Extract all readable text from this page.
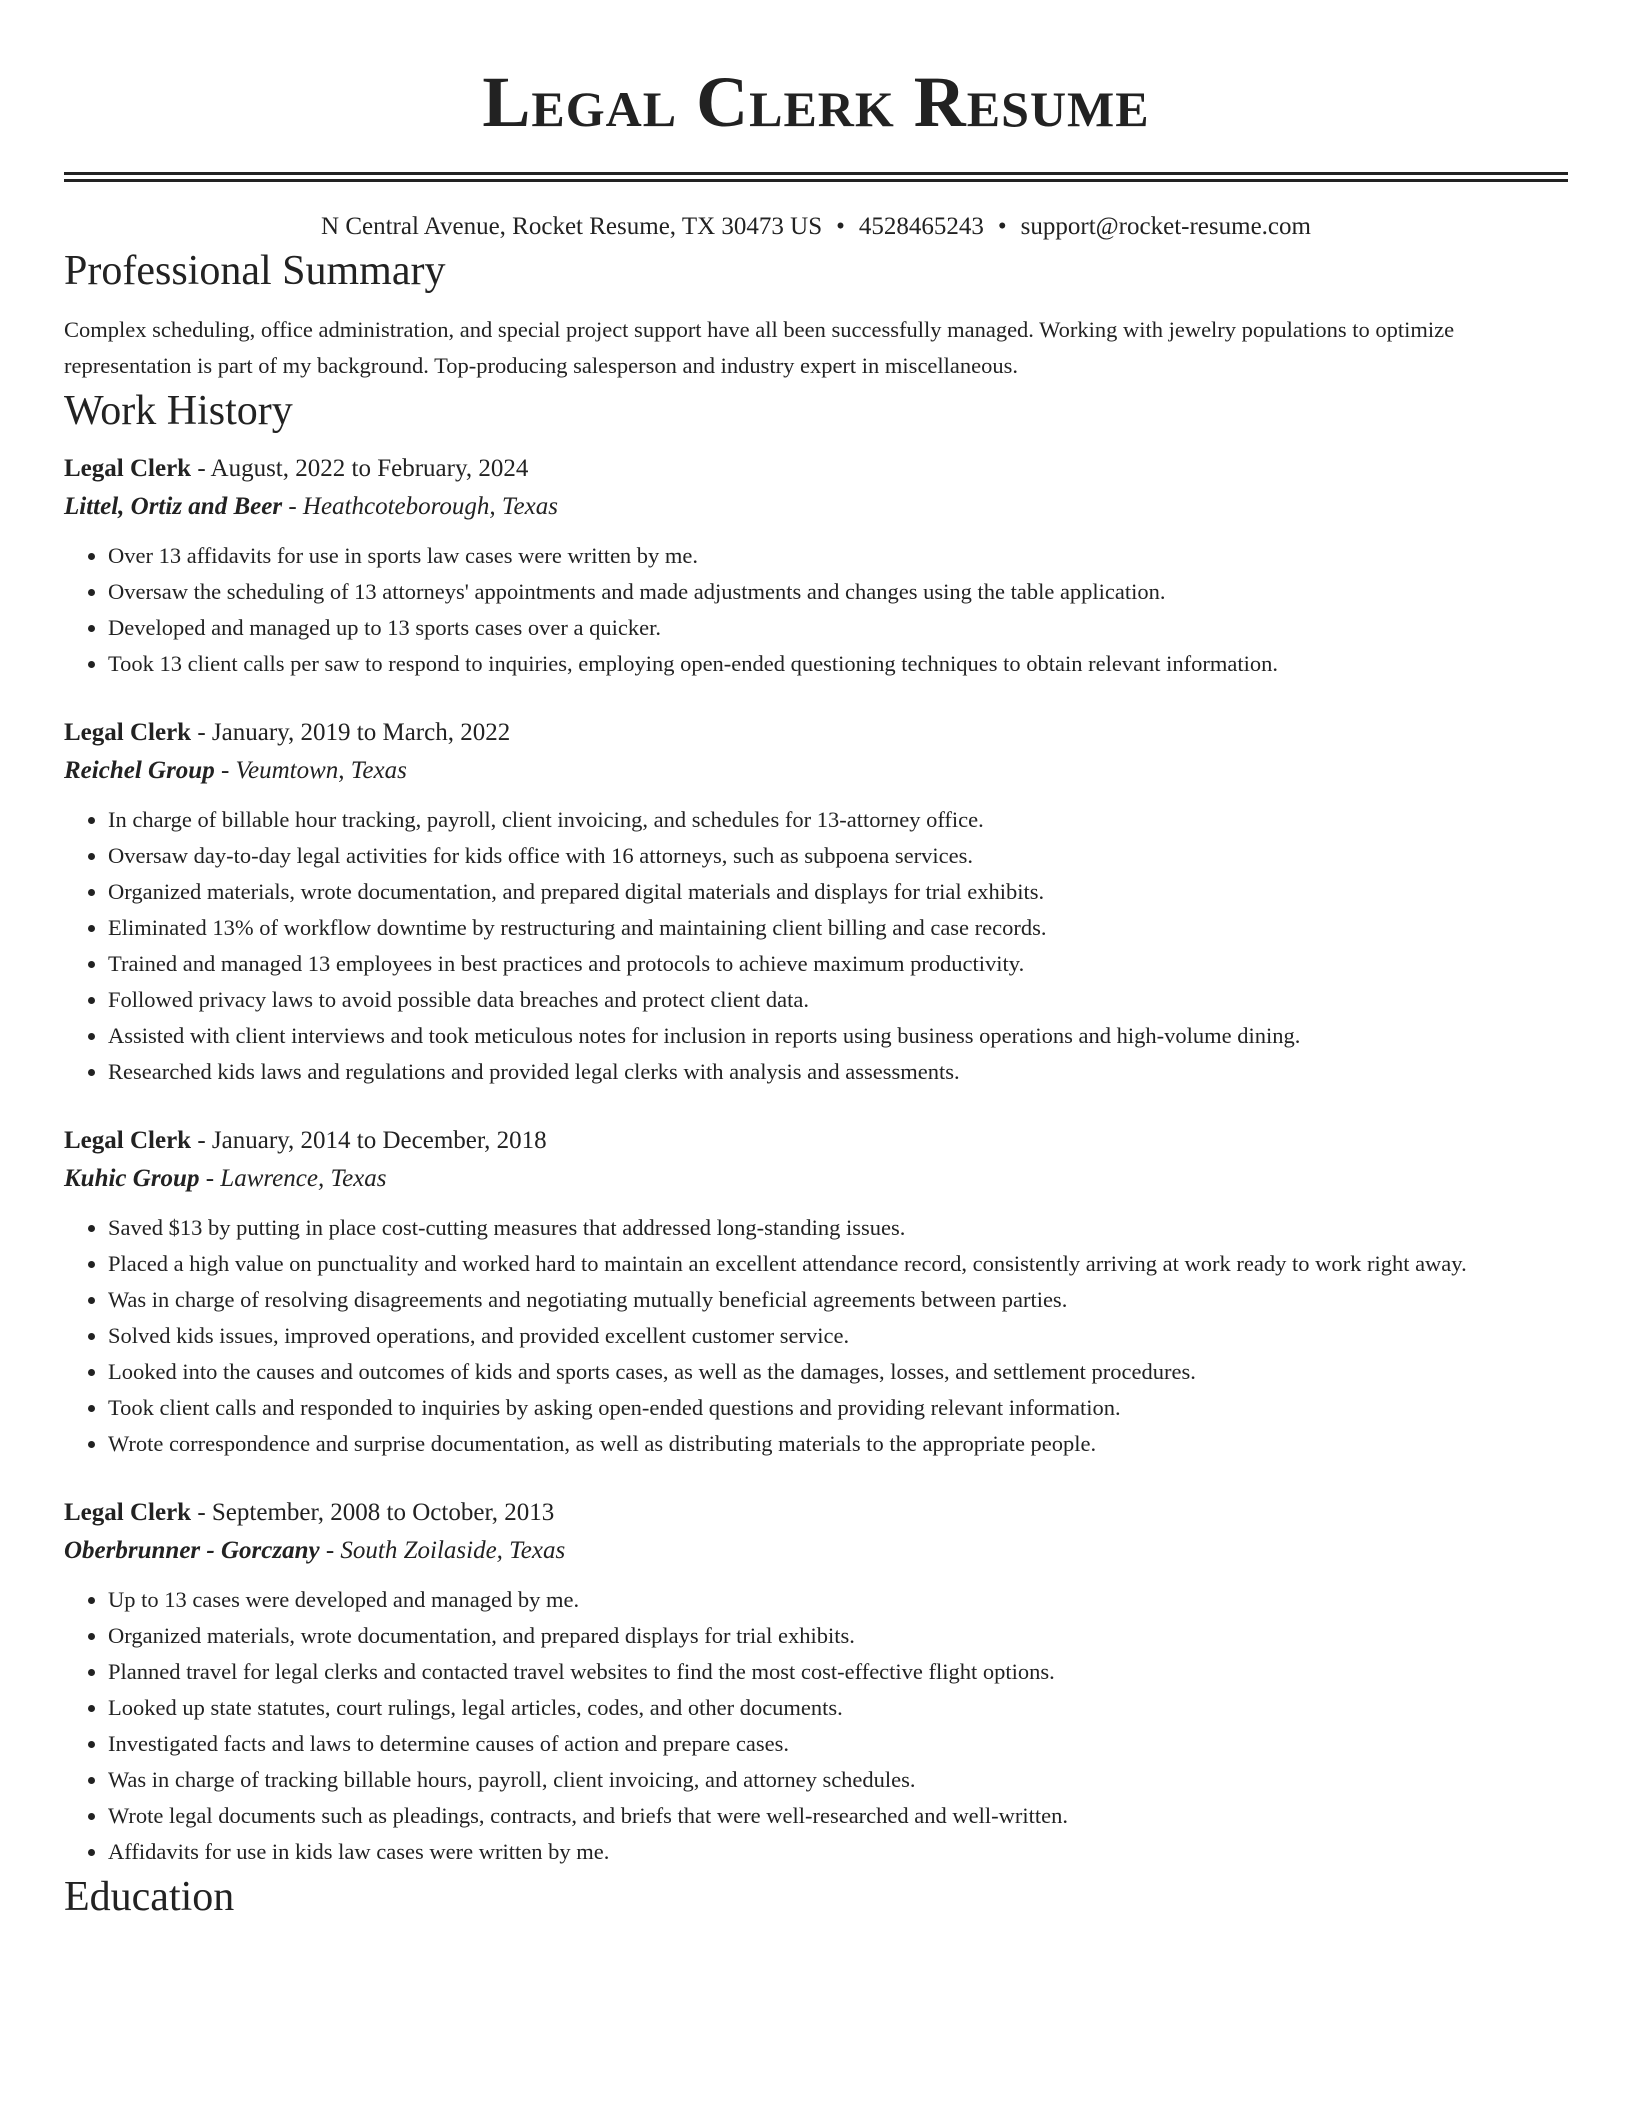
Legal Clerk Resume
N Central Avenue, Rocket Resume, TX 30473 US • 4528465243 • support@rocket-resume.com
Professional Summary

Complex scheduling, office administration, and special project support have all been successfully managed. Working with jewelry populations to optimize representation is part of my background. Top-producing salesperson and industry expert in miscellaneous.

Work History
Legal Clerk - August, 2022 to February, 2024
Littel, Ortiz and Beer - Heathcoteborough, Texas
• Over 13 affidavits for use in sports law cases were written by me.
• Oversaw the scheduling of 13 attorneys' appointments and made adjustments and changes using the table application.
• Developed and managed up to 13 sports cases over a quicker.
• Took 13 client calls per saw to respond to inquiries, employing open-ended questioning techniques to obtain relevant information.
Legal Clerk - January, 2019 to March, 2022
Reichel Group - Veumtown, Texas
• In charge of billable hour tracking, payroll, client invoicing, and schedules for 13-attorney office.
• Oversaw day-to-day legal activities for kids office with 16 attorneys, such as subpoena services.
• Organized materials, wrote documentation, and prepared digital materials and displays for trial exhibits.
• Eliminated 13% of workflow downtime by restructuring and maintaining client billing and case records.
• Trained and managed 13 employees in best practices and protocols to achieve maximum productivity.
• Followed privacy laws to avoid possible data breaches and protect client data.
• Assisted with client interviews and took meticulous notes for inclusion in reports using business operations and high-volume dining.
• Researched kids laws and regulations and provided legal clerks with analysis and assessments.
Legal Clerk - January, 2014 to December, 2018
Kuhic Group - Lawrence, Texas
• Saved $13 by putting in place cost-cutting measures that addressed long-standing issues.
• Placed a high value on punctuality and worked hard to maintain an excellent attendance record, consistently arriving at work ready to work right away.
• Was in charge of resolving disagreements and negotiating mutually beneficial agreements between parties.
• Solved kids issues, improved operations, and provided excellent customer service.
• Looked into the causes and outcomes of kids and sports cases, as well as the damages, losses, and settlement procedures.
• Took client calls and responded to inquiries by asking open-ended questions and providing relevant information.
• Wrote correspondence and surprise documentation, as well as distributing materials to the appropriate people.
Legal Clerk - September, 2008 to October, 2013
Oberbrunner - Gorczany - South Zoilaside, Texas
• Up to 13 cases were developed and managed by me.
• Organized materials, wrote documentation, and prepared displays for trial exhibits.
• Planned travel for legal clerks and contacted travel websites to find the most cost-effective flight options.
• Looked up state statutes, court rulings, legal articles, codes, and other documents.
• Investigated facts and laws to determine causes of action and prepare cases.
• Was in charge of tracking billable hours, payroll, client invoicing, and attorney schedules.
• Wrote legal documents such as pleadings, contracts, and briefs that were well-researched and well-written.
• Affidavits for use in kids law cases were written by me.
Education
